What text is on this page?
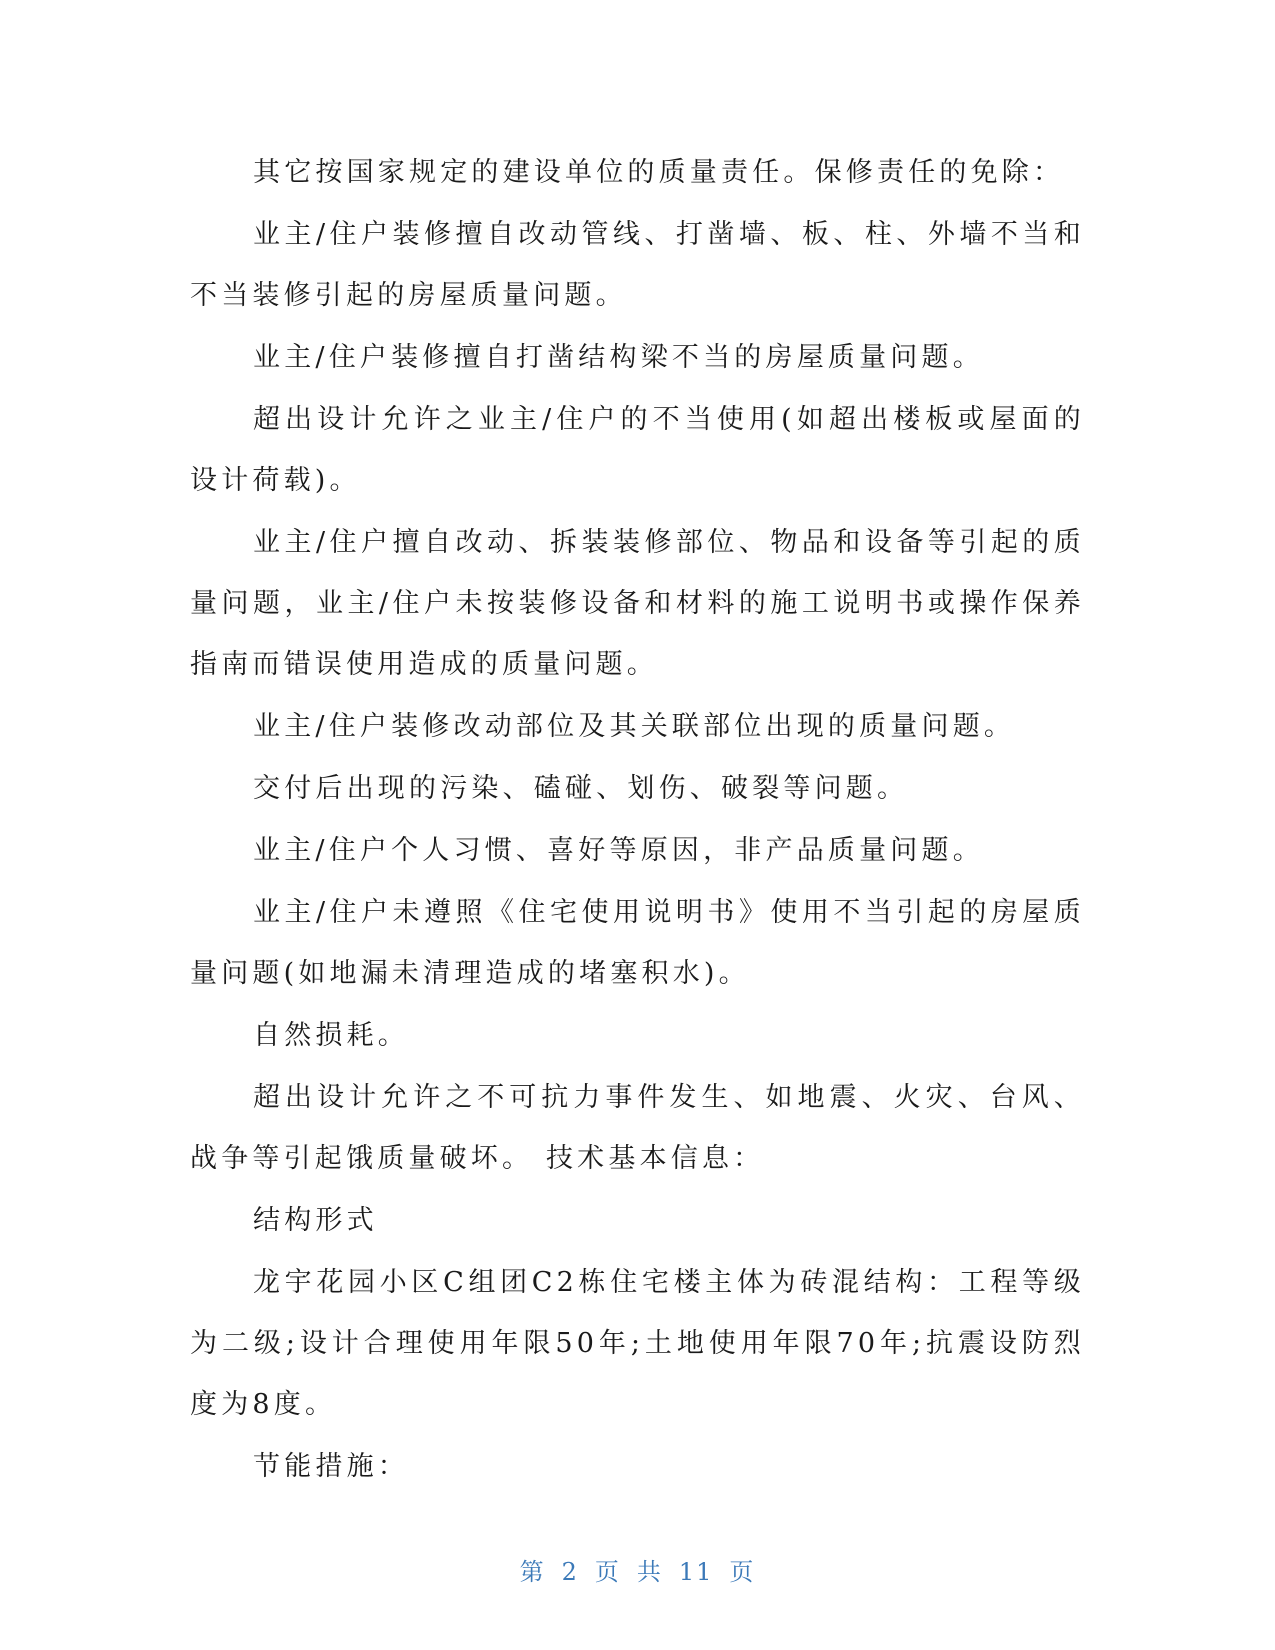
其它按国家规定的建设单位的质量责任。保修责任的免除：

业主/住户装修擅自改动管线、打凿墙、板、柱、外墙不当和不当装修引起的房屋质量问题。

业主/住户装修擅自打凿结构梁不当的房屋质量问题。

超出设计允许之业主/住户的不当使用(如超出楼板或屋面的设计荷载)。

业主/住户擅自改动、拆装装修部位、物品和设备等引起的质量问题，业主/住户未按装修设备和材料的施工说明书或操作保养指南而错误使用造成的质量问题。

业主/住户装修改动部位及其关联部位出现的质量问题。

交付后出现的污染、磕碰、划伤、破裂等问题。

业主/住户个人习惯、喜好等原因，非产品质量问题。

业主/住户未遵照《住宅使用说明书》使用不当引起的房屋质量问题(如地漏未清理造成的堵塞积水)。

自然损耗。

超出设计允许之不可抗力事件发生、如地震、火灾、台风、战争等引起饿质量破坏。 技术基本信息：

结构形式

龙宇花园小区C组团C2栋住宅楼主体为砖混结构：工程等级为二级;设计合理使用年限50年;土地使用年限70年;抗震设防烈度为8度。

节能措施：

第 2 页 共 11 页
